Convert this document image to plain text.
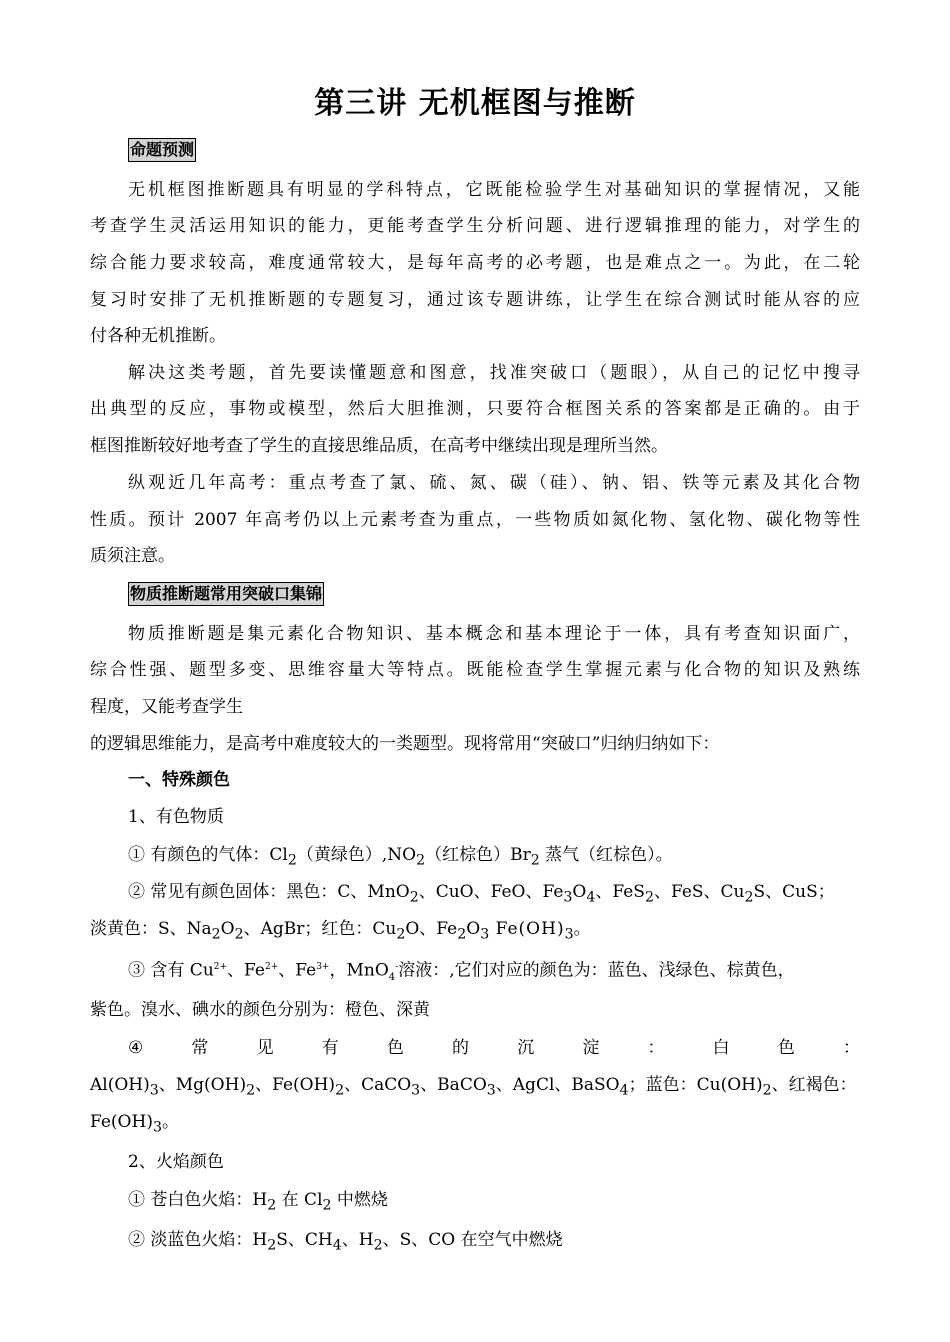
第三讲 无机框图与推断
命题预测
无机框图推断题具有明显的学科特点，它既能检验学生对基础知识的掌握情况，又能
考查学生灵活运用知识的能力，更能考查学生分析问题、进行逻辑推理的能力，对学生的
综合能力要求较高，难度通常较大，是每年高考的必考题，也是难点之一。为此，在二轮
复习时安排了无机推断题的专题复习，通过该专题讲练，让学生在综合测试时能从容的应
付各种无机推断。
解决这类考题，首先要读懂题意和图意，找准突破口（题眼），从自己的记忆中搜寻
出典型的反应，事物或模型，然后大胆推测，只要符合框图关系的答案都是正确的。由于
框图推断较好地考查了学生的直接思维品质，在高考中继续出现是理所当然。
纵观近几年高考：重点考查了氯、硫、氮、碳（硅）、钠、铝、铁等元素及其化合物
性质。预计 2007 年高考仍以上元素考查为重点，一些物质如氮化物、氢化物、碳化物等性
质须注意。
物质推断题常用突破口集锦
物质推断题是集元素化合物知识、基本概念和基本理论于一体，具有考查知识面广，
综合性强、题型多变、思维容量大等特点。既能检查学生掌握元素与化合物的知识及熟练
程度，又能考查学生
的逻辑思维能力，是高考中难度较大的一类题型。现将常用“突破口”归纳归纳如下：
一、特殊颜色
1、有色物质
① 有颜色的气体：$Cl_2$（黄绿色）$,NO_2$（红棕色）$Br_2$ 蒸气（红棕色）。
② 常见有颜色固体：黑色：C、MnO$_2$、CuO、FeO、$Fe_3O_4$、FeS$_2$、FeS、$Cu_2S$、CuS；
淡黄色：S、$Na_2O_2$、AgBr；红色：$Cu_2O$、$Fe_2O_3$ $Fe(OH)_3$。
③ 含有 $Cu^{2+}$、$Fe^{2+}$、$Fe^{3+}$，MnO$_4$-溶液：,它们对应的颜色为：蓝色、浅绿色、棕黄色，
紫色。溴水、碘水的颜色分别为：橙色、深黄
④	常	见	有	色	的	沉	淀	：	白	色	：
$Al(OH)_3$、$Mg(OH)_2$、$Fe(OH)_2$、CaCO$_3$、BaCO$_3$、AgCl、BaSO$_4$；蓝色：$Cu(OH)_2$、红褐色：
$Fe(OH)_3$。
2、火焰颜色
① 苍白色火焰：$H_2$ 在 $Cl_2$ 中燃烧
② 淡蓝色火焰：$H_2S$、$CH_4$、$H_2$、S、CO 在空气中燃烧
